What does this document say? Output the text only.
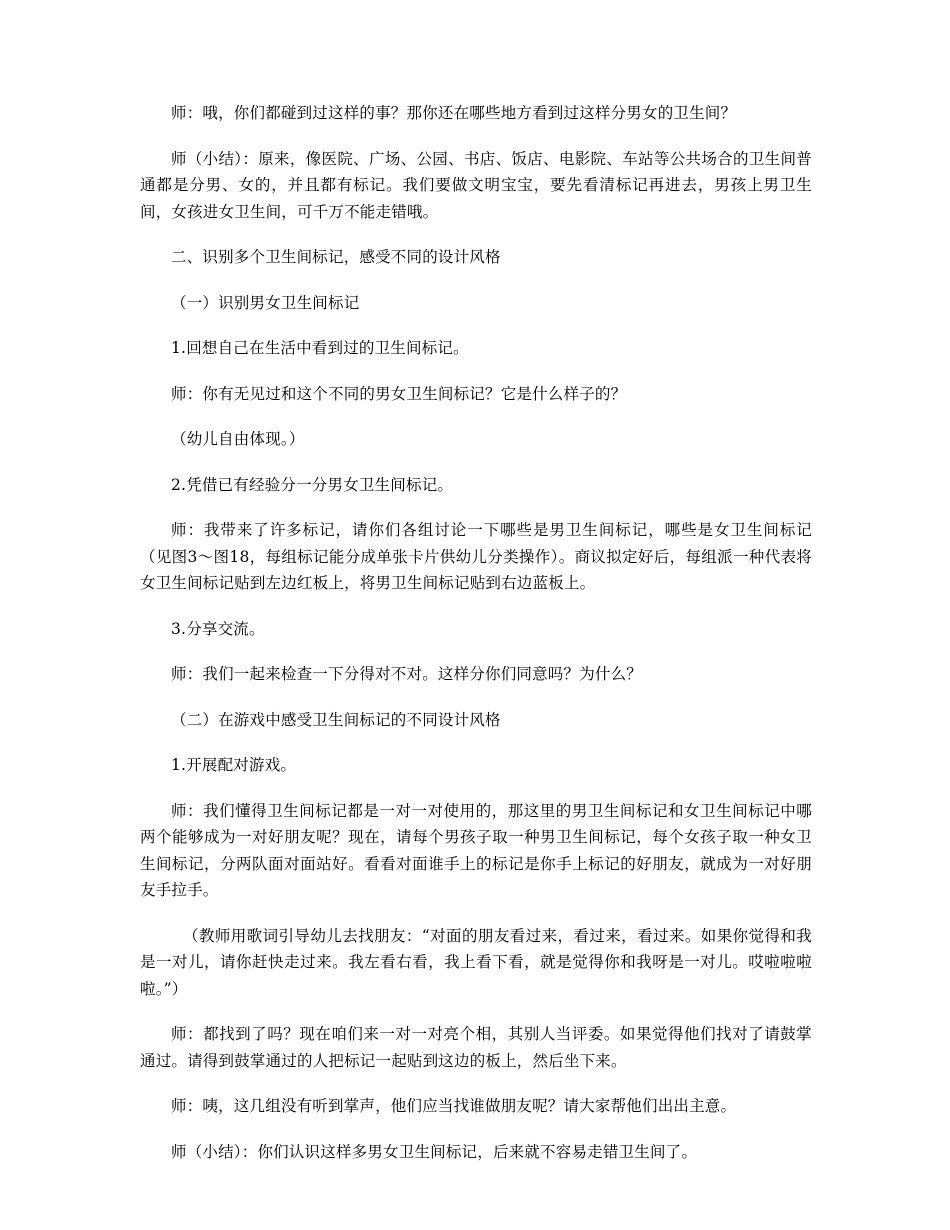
师：哦，你们都碰到过这样的事？那你还在哪些地方看到过这样分男女的卫生间？

师（小结）：原来，像医院、广场、公园、书店、饭店、电影院、车站等公共场合的卫生间普通都是分男、女的，并且都有标记。我们要做文明宝宝，要先看清标记再进去，男孩上男卫生间，女孩进女卫生间，可千万不能走错哦。

二、识别多个卫生间标记，感受不同的设计风格

（一）识别男女卫生间标记

1.回想自己在生活中看到过的卫生间标记。

师：你有无见过和这个不同的男女卫生间标记？它是什么样子的？

（幼儿自由体现。）

2.凭借已有经验分一分男女卫生间标记。

师：我带来了许多标记，请你们各组讨论一下哪些是男卫生间标记，哪些是女卫生间标记（见图3～图18，每组标记能分成单张卡片供幼儿分类操作）。商议拟定好后，每组派一种代表将女卫生间标记贴到左边红板上，将男卫生间标记贴到右边蓝板上。

3.分享交流。

师：我们一起来检查一下分得对不对。这样分你们同意吗？为什么？

（二）在游戏中感受卫生间标记的不同设计风格

1.开展配对游戏。

师：我们懂得卫生间标记都是一对一对使用的，那这里的男卫生间标记和女卫生间标记中哪两个能够成为一对好朋友呢？现在，请每个男孩子取一种男卫生间标记，每个女孩子取一种女卫生间标记，分两队面对面站好。看看对面谁手上的标记是你手上标记的好朋友，就成为一对好朋友手拉手。

（教师用歌词引导幼儿去找朋友：“对面的朋友看过来，看过来，看过来。如果你觉得和我是一对儿，请你赶快走过来。我左看右看，我上看下看，就是觉得你和我呀是一对儿。哎啦啦啦啦。”）

师：都找到了吗？现在咱们来一对一对亮个相，其别人当评委。如果觉得他们找对了请鼓掌通过。请得到鼓掌通过的人把标记一起贴到这边的板上，然后坐下来。

师：咦，这几组没有听到掌声，他们应当找谁做朋友呢？请大家帮他们出出主意。

师（小结）：你们认识这样多男女卫生间标记，后来就不容易走错卫生间了。
